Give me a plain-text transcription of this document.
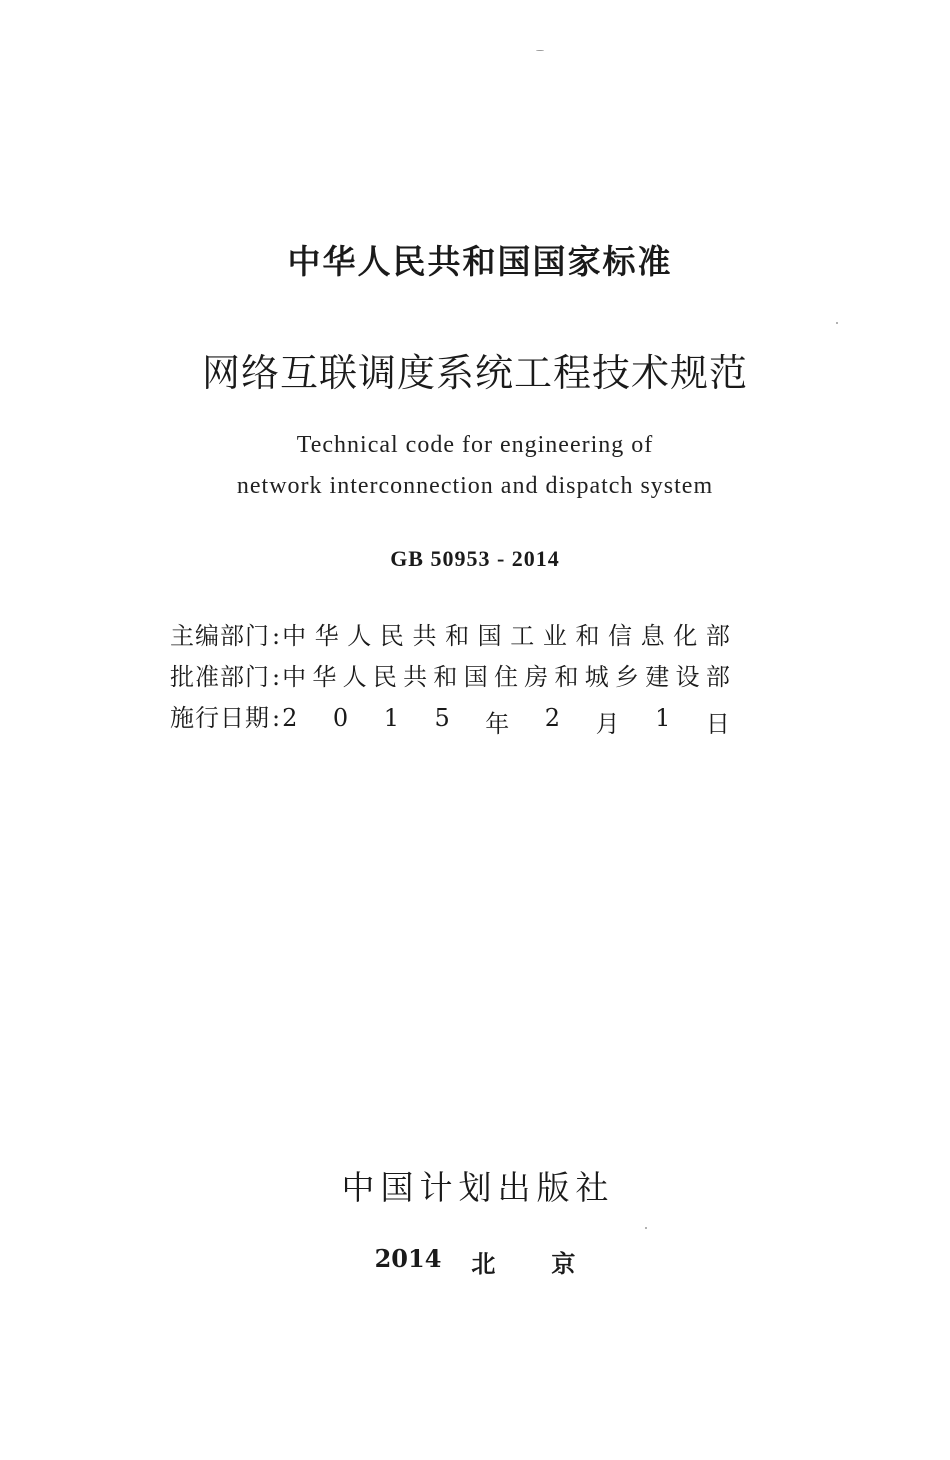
中华人民共和国国家标准
网络互联调度系统工程技术规范
Technical code for engineering of
network interconnection and dispatch system
GB 50953 - 2014
主编部门 : 中 华 人 民 共 和 国 工 业 和 信 息 化 部
批准部门 : 中 华 人 民 共 和 国 住 房 和 城 乡 建 设 部
施行日期 : 2 0 1 5 年 2 月 1 日
中国计划出版社
2014 北京
